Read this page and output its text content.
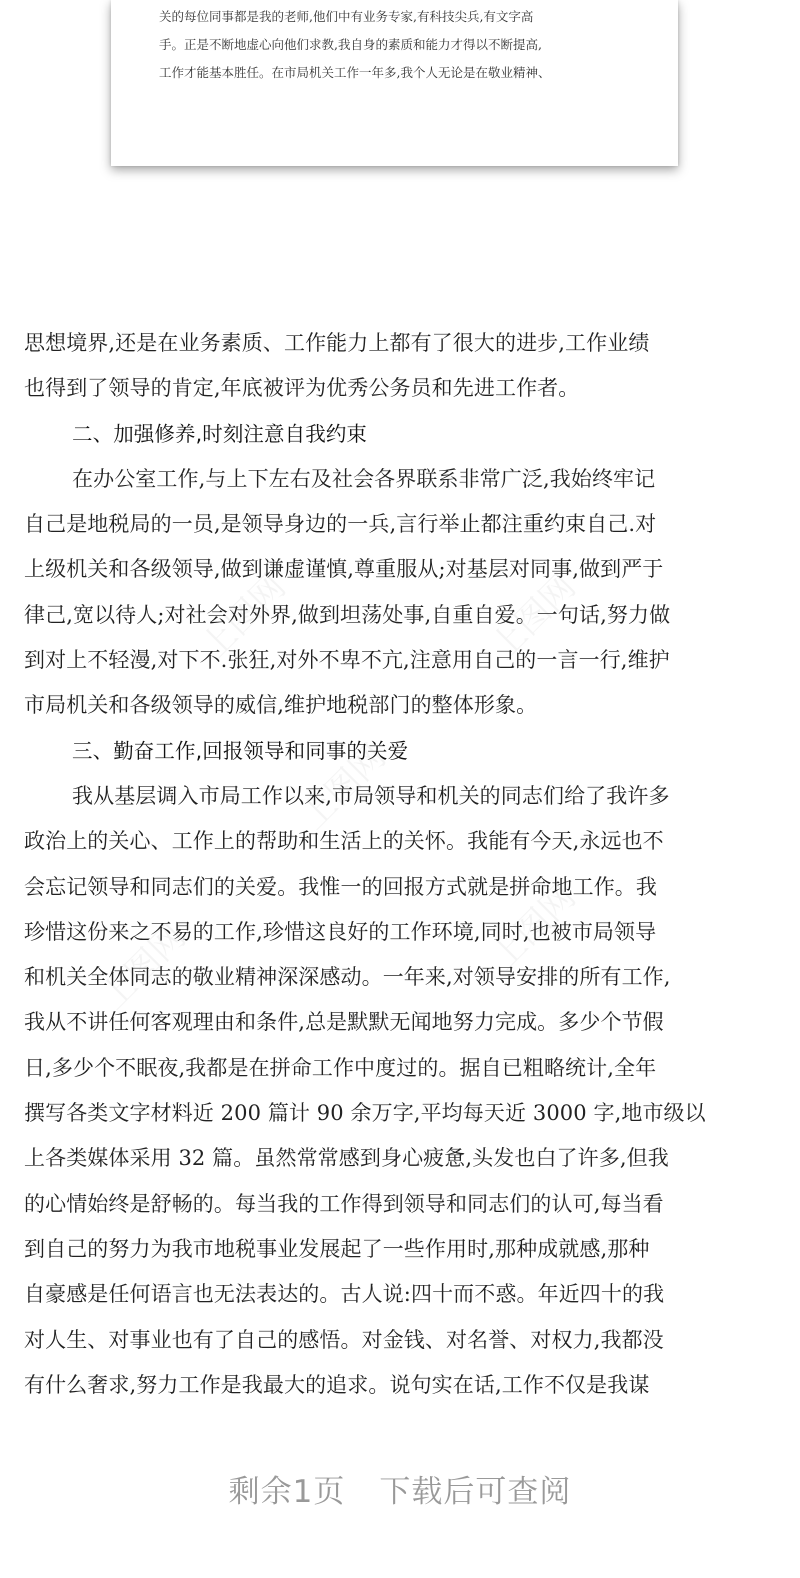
关的每位同事都是我的老师,他们中有业务专家,有科技尖兵,有文字高
手。正是不断地虚心向他们求教,我自身的素质和能力才得以不断提高,
工作才能基本胜任。在市局机关工作一年多,我个人无论是在敬业精神、
思想境界,还是在业务素质、工作能力上都有了很大的进步,工作业绩
也得到了领导的肯定,年底被评为优秀公务员和先进工作者。
二、加强修养,时刻注意自我约束
在办公室工作,与上下左右及社会各界联系非常广泛,我始终牢记
自己是地税局的一员,是领导身边的一兵,言行举止都注重约束自己.对
上级机关和各级领导,做到谦虚谨慎,尊重服从;对基层对同事,做到严于
律己,宽以待人;对社会对外界,做到坦荡处事,自重自爱。一句话,努力做
到对上不轻漫,对下不.张狂,对外不卑不亢,注意用自己的一言一行,维护
市局机关和各级领导的威信,维护地税部门的整体形象。
三、勤奋工作,回报领导和同事的关爱
我从基层调入市局工作以来,市局领导和机关的同志们给了我许多
政治上的关心、工作上的帮助和生活上的关怀。我能有今天,永远也不
会忘记领导和同志们的关爱。我惟一的回报方式就是拼命地工作。我
珍惜这份来之不易的工作,珍惜这良好的工作环境,同时,也被市局领导
和机关全体同志的敬业精神深深感动。一年来,对领导安排的所有工作,
我从不讲任何客观理由和条件,总是默默无闻地努力完成。多少个节假
日,多少个不眠夜,我都是在拼命工作中度过的。据自已粗略统计,全年
撰写各类文字材料近 200 篇计 90 余万字,平均每天近 3000 字,地市级以
上各类媒体采用 32 篇。虽然常常感到身心疲惫,头发也白了许多,但我
的心情始终是舒畅的。每当我的工作得到领导和同志们的认可,每当看
到自己的努力为我市地税事业发展起了一些作用时,那种成就感,那种
自豪感是任何语言也无法表达的。古人说:四十而不惑。年近四十的我
对人生、对事业也有了自己的感悟。对金钱、对名誉、对权力,我都没
有什么奢求,努力工作是我最大的追求。说句实在话,工作不仅是我谋
剩余1页 下载后可查阅
